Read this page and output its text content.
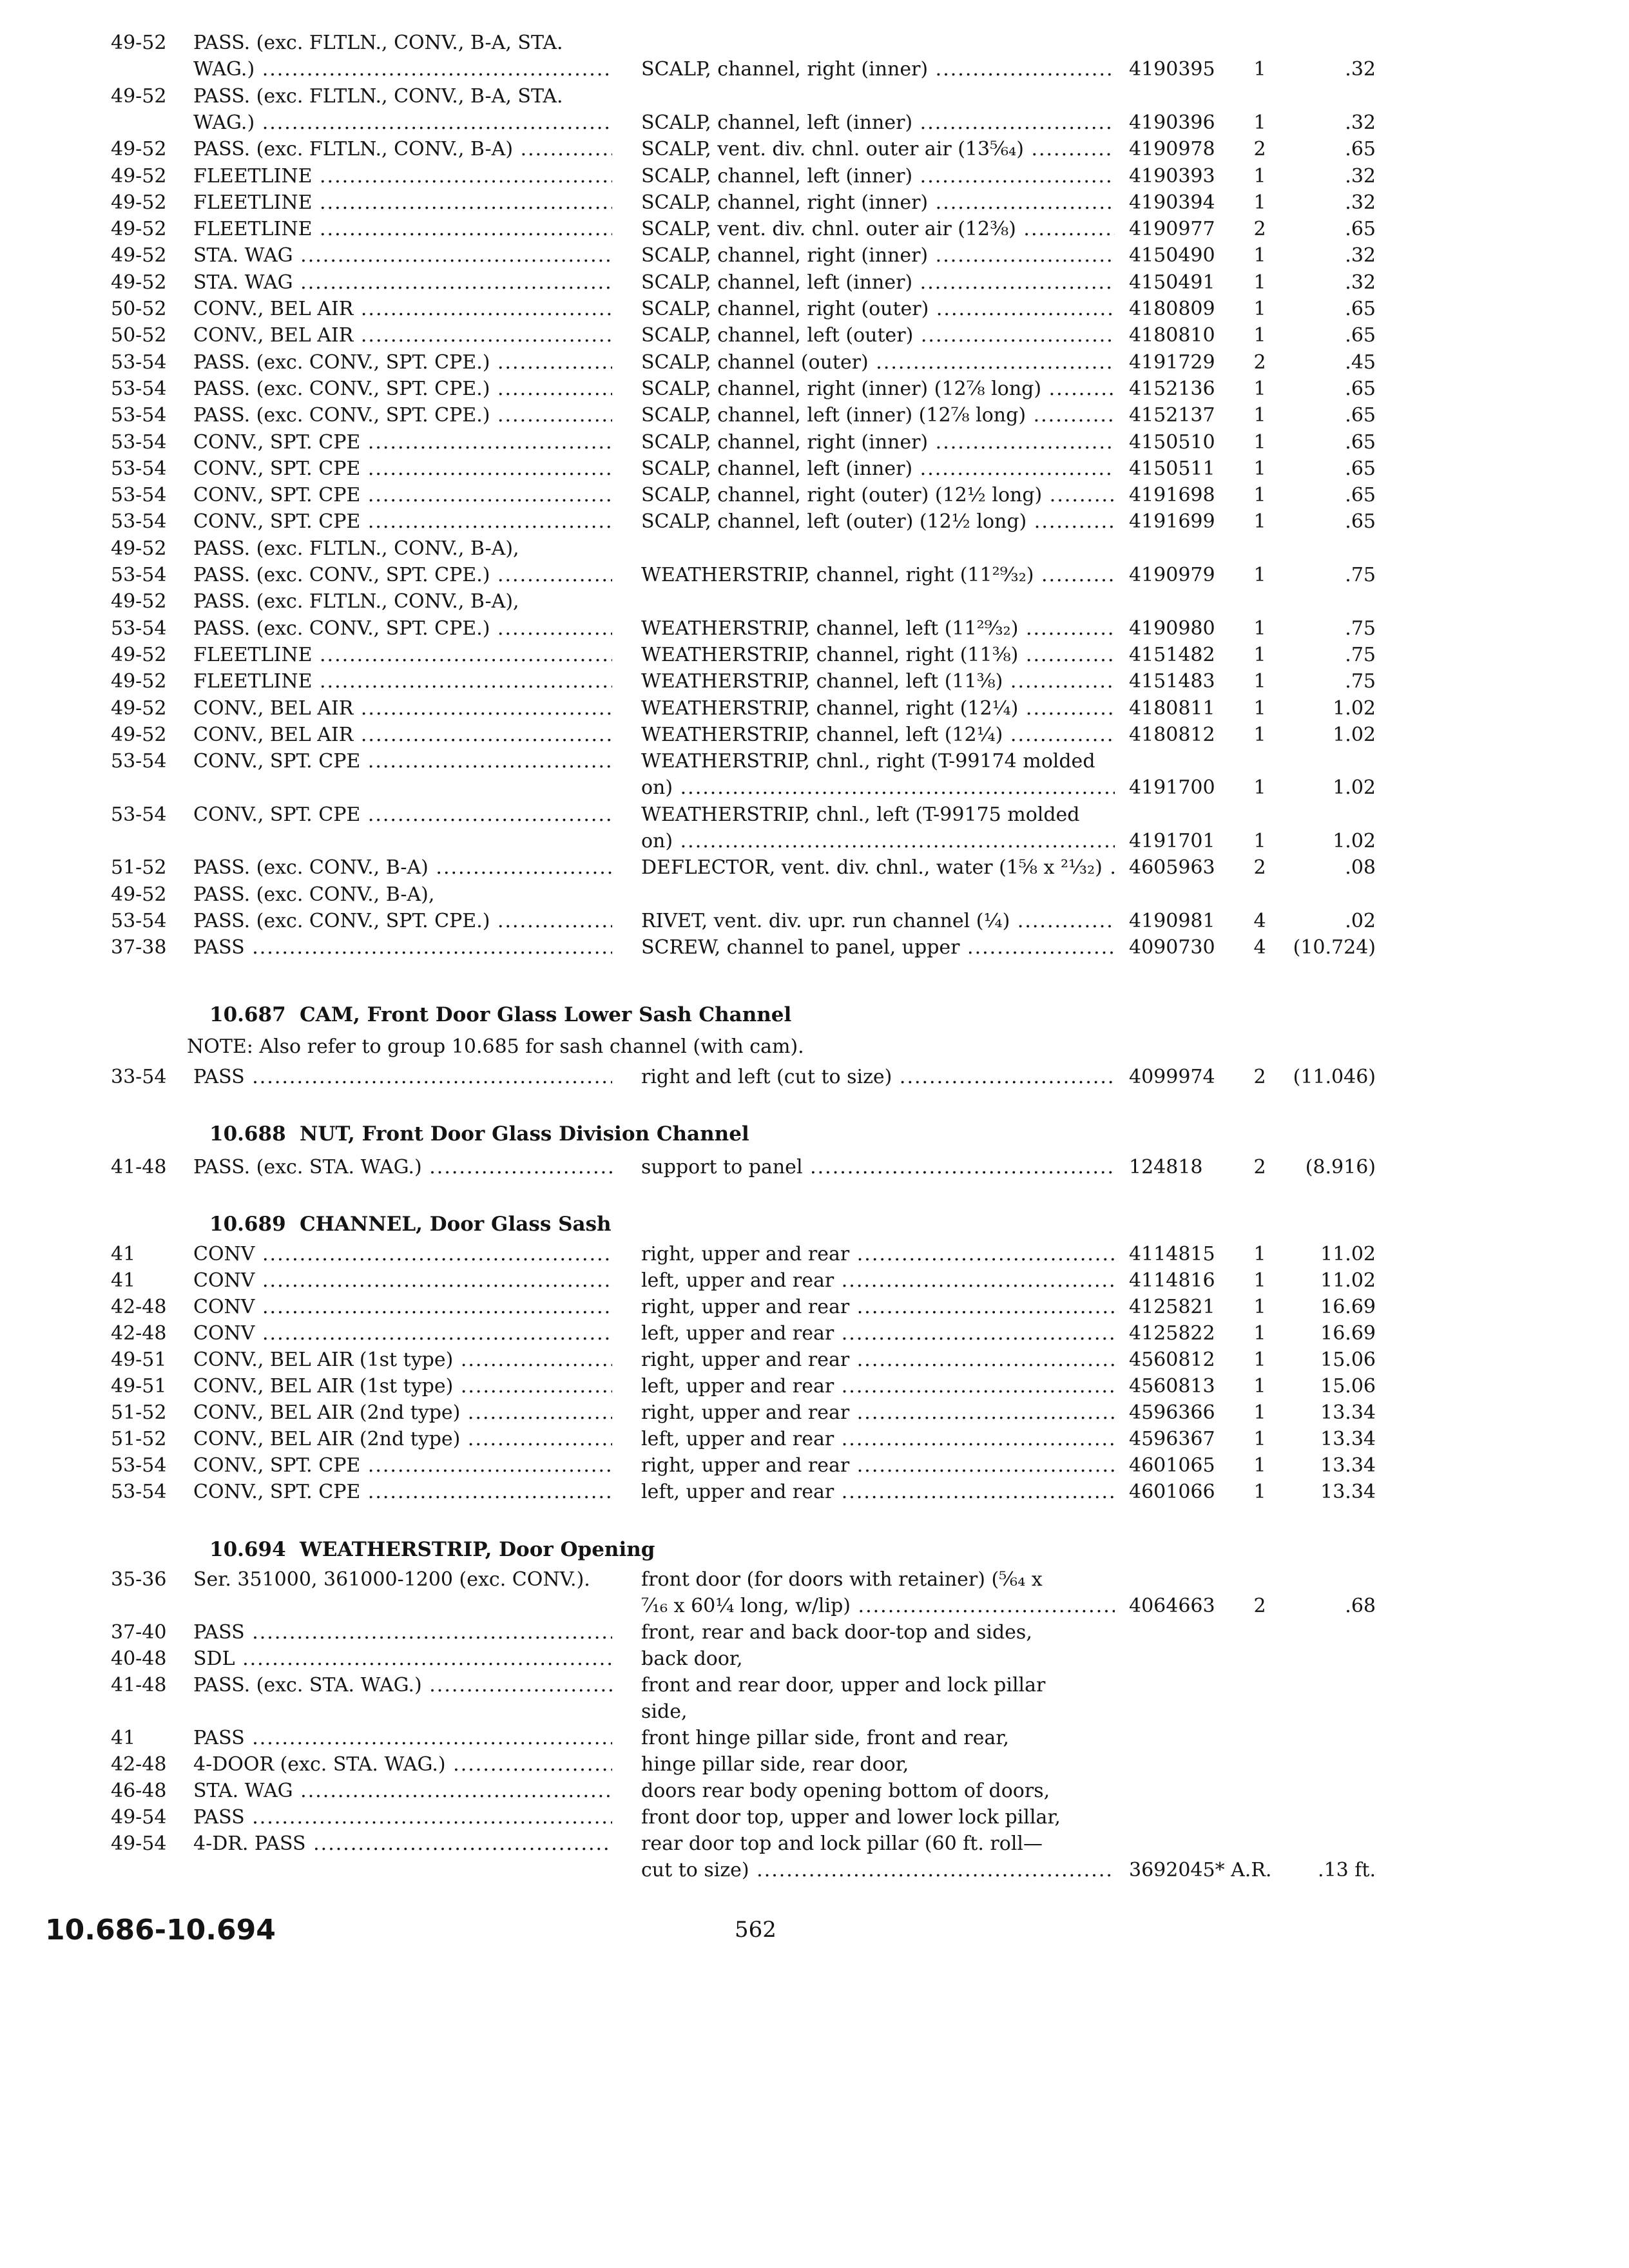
49-52	PASS. (exc. FLTLN., CONV., B-A, STA.
WAG.) .....	SCALP, channel, right (inner) .....	4190395	1	.32
49-52	PASS. (exc. FLTLN., CONV., B-A, STA.
WAG.) .....	SCALP, channel, left (inner) .....	4190396	1	.32
49-52	PASS. (exc. FLTLN., CONV., B-A) .....	SCALP, vent. div. chnl. outer air (13⁵⁄₆₄) .....	4190978	2	.65
49-52	FLEETLINE .....	SCALP, channel, left (inner) .....	4190393	1	.32
49-52	FLEETLINE .....	SCALP, channel, right (inner) .....	4190394	1	.32
49-52	FLEETLINE .....	SCALP, vent. div. chnl. outer air (12⅜) .....	4190977	2	.65
49-52	STA. WAG .....	SCALP, channel, right (inner) .....	4150490	1	.32
49-52	STA. WAG .....	SCALP, channel, left (inner) .....	4150491	1	.32
50-52	CONV., BEL AIR .....	SCALP, channel, right (outer) .....	4180809	1	.65
50-52	CONV., BEL AIR .....	SCALP, channel, left (outer) .....	4180810	1	.65
53-54	PASS. (exc. CONV., SPT. CPE.) .....	SCALP, channel (outer) .....	4191729	2	.45
53-54	PASS. (exc. CONV., SPT. CPE.) .....	SCALP, channel, right (inner) (12⅞ long) .....	4152136	1	.65
53-54	PASS. (exc. CONV., SPT. CPE.) .....	SCALP, channel, left (inner) (12⅞ long) .....	4152137	1	.65
53-54	CONV., SPT. CPE .....	SCALP, channel, right (inner) .....	4150510	1	.65
53-54	CONV., SPT. CPE .....	SCALP, channel, left (inner) .....	4150511	1	.65
53-54	CONV., SPT. CPE .....	SCALP, channel, right (outer) (12½ long) .....	4191698	1	.65
53-54	CONV., SPT. CPE .....	SCALP, channel, left (outer) (12½ long) .....	4191699	1	.65
49-52	PASS. (exc. FLTLN., CONV., B-A),
53-54	PASS. (exc. CONV., SPT. CPE.) .....	WEATHERSTRIP, channel, right (11²⁹⁄₃₂) .....	4190979	1	.75
49-52	PASS. (exc. FLTLN., CONV., B-A),
53-54	PASS. (exc. CONV., SPT. CPE.) .....	WEATHERSTRIP, channel, left (11²⁹⁄₃₂) .....	4190980	1	.75
49-52	FLEETLINE .....	WEATHERSTRIP, channel, right (11⅜) .....	4151482	1	.75
49-52	FLEETLINE .....	WEATHERSTRIP, channel, left (11⅜) .....	4151483	1	.75
49-52	CONV., BEL AIR .....	WEATHERSTRIP, channel, right (12¼) .....	4180811	1	1.02
49-52	CONV., BEL AIR .....	WEATHERSTRIP, channel, left (12¼) .....	4180812	1	1.02
53-54	CONV., SPT. CPE .....	WEATHERSTRIP, chnl., right (T-99174 molded
on) .....	4191700	1	1.02
53-54	CONV., SPT. CPE .....	WEATHERSTRIP, chnl., left (T-99175 molded
on) .....	4191701	1	1.02
51-52	PASS. (exc. CONV., B-A) .....	DEFLECTOR, vent. div. chnl., water (1⅝ x ²¹⁄₃₂) .....	4605963	2	.08
49-52	PASS. (exc. CONV., B-A),
53-54	PASS. (exc. CONV., SPT. CPE.) .....	RIVET, vent. div. upr. run channel (¼) .....	4190981	4	.02
37-38	PASS .....	SCREW, channel to panel, upper .....	4090730	4	(10.724)
10.687 CAM, Front Door Glass Lower Sash Channel
NOTE: Also refer to group 10.685 for sash channel (with cam).
33-54	PASS .....	right and left (cut to size) .....	4099974	2	(11.046)
10.688 NUT, Front Door Glass Division Channel
41-48	PASS. (exc. STA. WAG.) .....	support to panel .....	124818	2	(8.916)
10.689 CHANNEL, Door Glass Sash
41	CONV .....	right, upper and rear .....	4114815	1	11.02
41	CONV .....	left, upper and rear .....	4114816	1	11.02
42-48	CONV .....	right, upper and rear .....	4125821	1	16.69
42-48	CONV .....	left, upper and rear .....	4125822	1	16.69
49-51	CONV., BEL AIR (1st type) .....	right, upper and rear .....	4560812	1	15.06
49-51	CONV., BEL AIR (1st type) .....	left, upper and rear .....	4560813	1	15.06
51-52	CONV., BEL AIR (2nd type) .....	right, upper and rear .....	4596366	1	13.34
51-52	CONV., BEL AIR (2nd type) .....	left, upper and rear .....	4596367	1	13.34
53-54	CONV., SPT. CPE .....	right, upper and rear .....	4601065	1	13.34
53-54	CONV., SPT. CPE .....	left, upper and rear .....	4601066	1	13.34
10.694 WEATHERSTRIP, Door Opening
35-36	Ser. 351000, 361000-1200 (exc. CONV.).	front door (for doors with retainer) (⁵⁄₆₄ x
⁷⁄₁₆ x 60¼ long, w/lip) .....	4064663	2	.68
37-40	PASS .....	front, rear and back door-top and sides,
40-48	SDL .....	back door,
41-48	PASS. (exc. STA. WAG.) .....	front and rear door, upper and lock pillar
side,
41	PASS .....	front hinge pillar side, front and rear,
42-48	4-DOOR (exc. STA. WAG.) .....	hinge pillar side, rear door,
46-48	STA. WAG .....	doors rear body opening bottom of doors,
49-54	PASS .....	front door top, upper and lower lock pillar,
49-54	4-DR. PASS .....	rear door top and lock pillar (60 ft. roll—
cut to size) .....	3692045* A.R.	.13 ft.
10.686-10.694	562
